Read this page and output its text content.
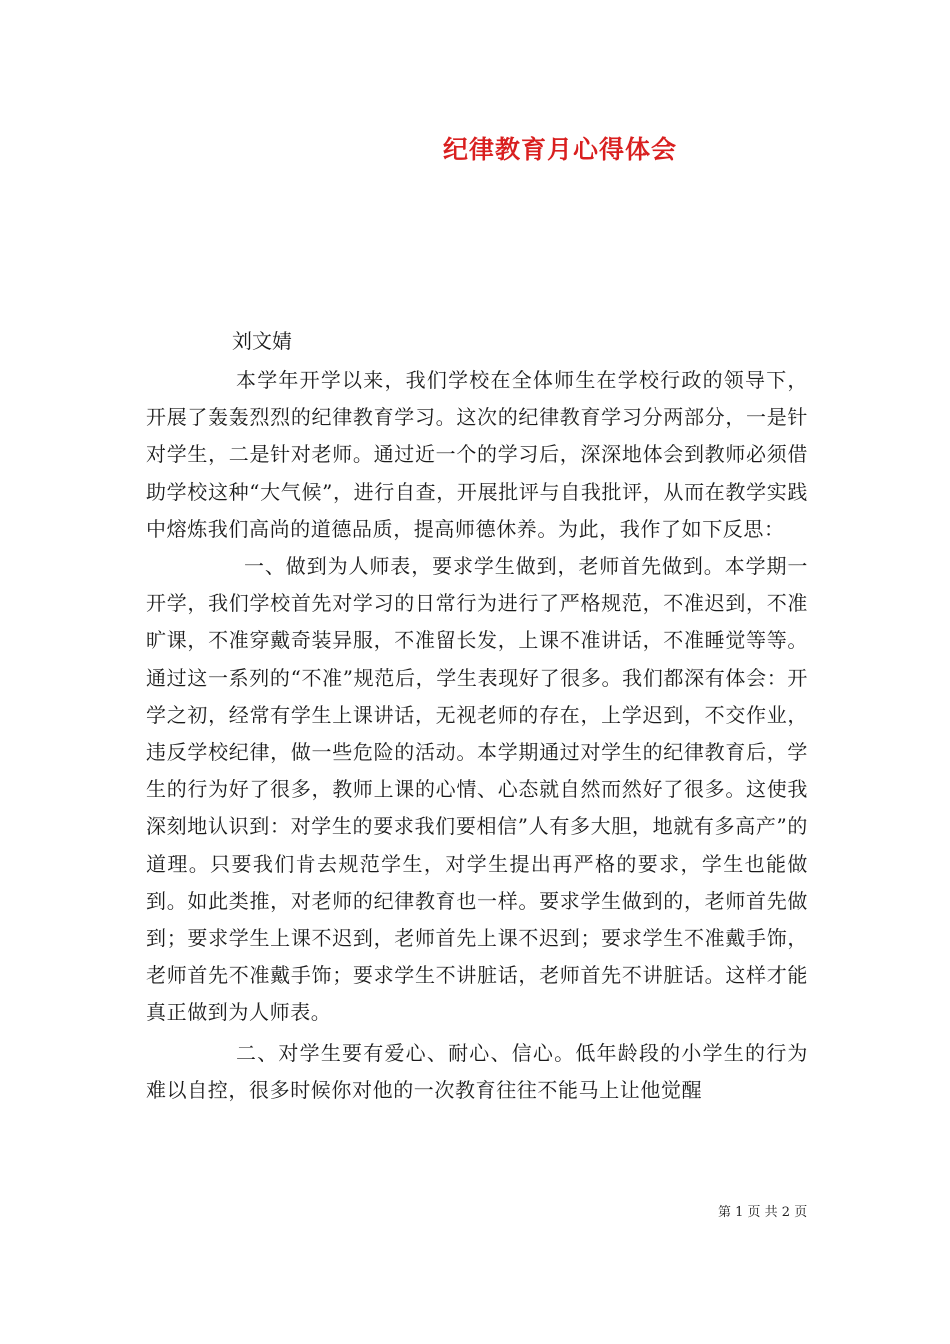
纪律教育月心得体会
刘文婧

本学年开学以来，我们学校在全体师生在学校行政的领导下，开展了轰轰烈烈的纪律教育学习。这次的纪律教育学习分两部分，一是针对学生，二是针对老师。通过近一个的学习后，深深地体会到教师必须借助学校这种“大气候”，进行自查，开展批评与自我批评，从而在教学实践中熔炼我们高尚的道德品质，提高师德休养。为此，我作了如下反思：

一、做到为人师表，要求学生做到，老师首先做到。本学期一开学，我们学校首先对学习的日常行为进行了严格规范，不准迟到，不准旷课，不准穿戴奇装异服，不准留长发，上课不准讲话，不准睡觉等等。通过这一系列的“不准”规范后，学生表现好了很多。我们都深有体会：开学之初，经常有学生上课讲话，无视老师的存在，上学迟到，不交作业，违反学校纪律，做一些危险的活动。本学期通过对学生的纪律教育后，学生的行为好了很多，教师上课的心情、心态就自然而然好了很多。这使我深刻地认识到：对学生的要求我们要相信”人有多大胆，地就有多高产”的道理。只要我们肯去规范学生，对学生提出再严格的要求，学生也能做到。如此类推，对老师的纪律教育也一样。要求学生做到的，老师首先做到；要求学生上课不迟到，老师首先上课不迟到；要求学生不准戴手饰，老师首先不准戴手饰；要求学生不讲脏话，老师首先不讲脏话。这样才能真正做到为人师表。

二、对学生要有爱心、耐心、信心。低年龄段的小学生的行为难以自控，很多时候你对他的一次教育往往不能马上让他觉醒

第 1 页 共 2 页
